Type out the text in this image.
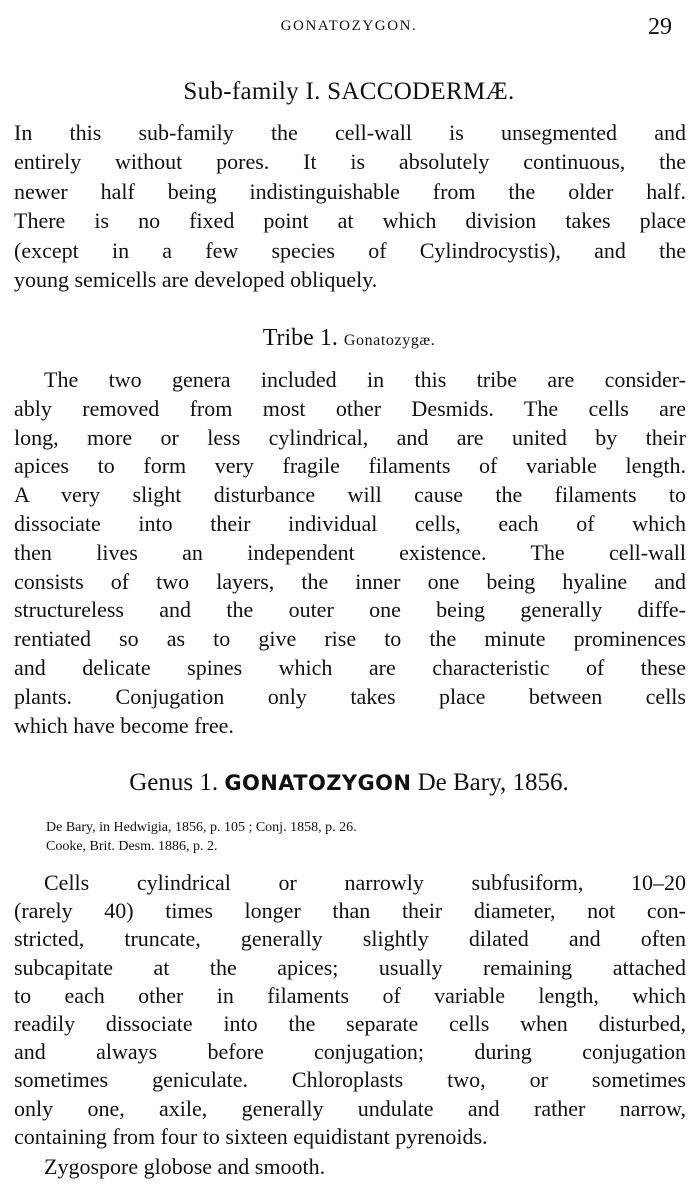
GONATOZYGON.	29
Sub-family I. SACCODERMÆ.

In this sub-family the cell-wall is unsegmented and
entirely without pores. It is absolutely continuous, the
newer half being indistinguishable from the older half.
There is no fixed point at which division takes place
(except in a few species of Cylindrocystis), and the
young semicells are developed obliquely.

Tribe 1. Gonatozygæ.

The two genera included in this tribe are consider-
ably removed from most other Desmids. The cells are
long, more or less cylindrical, and are united by their
apices to form very fragile filaments of variable length.
A very slight disturbance will cause the filaments to
dissociate into their individual cells, each of which
then lives an independent existence. The cell-wall
consists of two layers, the inner one being hyaline and
structureless and the outer one being generally diffe-
rentiated so as to give rise to the minute prominences
and delicate spines which are characteristic of these
plants. Conjugation only takes place between cells
which have become free.

Genus 1. GONATOZYGON De Bary, 1856.
De Bary, in Hedwigia, 1856, p. 105 ; Conj. 1858, p. 26.
Cooke, Brit. Desm. 1886, p. 2.

Cells cylindrical or narrowly subfusiform, 10–20
(rarely 40) times longer than their diameter, not con-
stricted, truncate, generally slightly dilated and often
subcapitate at the apices; usually remaining attached
to each other in filaments of variable length, which
readily dissociate into the separate cells when disturbed,
and always before conjugation; during conjugation
sometimes geniculate. Chloroplasts two, or sometimes
only one, axile, generally undulate and rather narrow,
containing from four to sixteen equidistant pyrenoids.

Zygospore globose and smooth.
